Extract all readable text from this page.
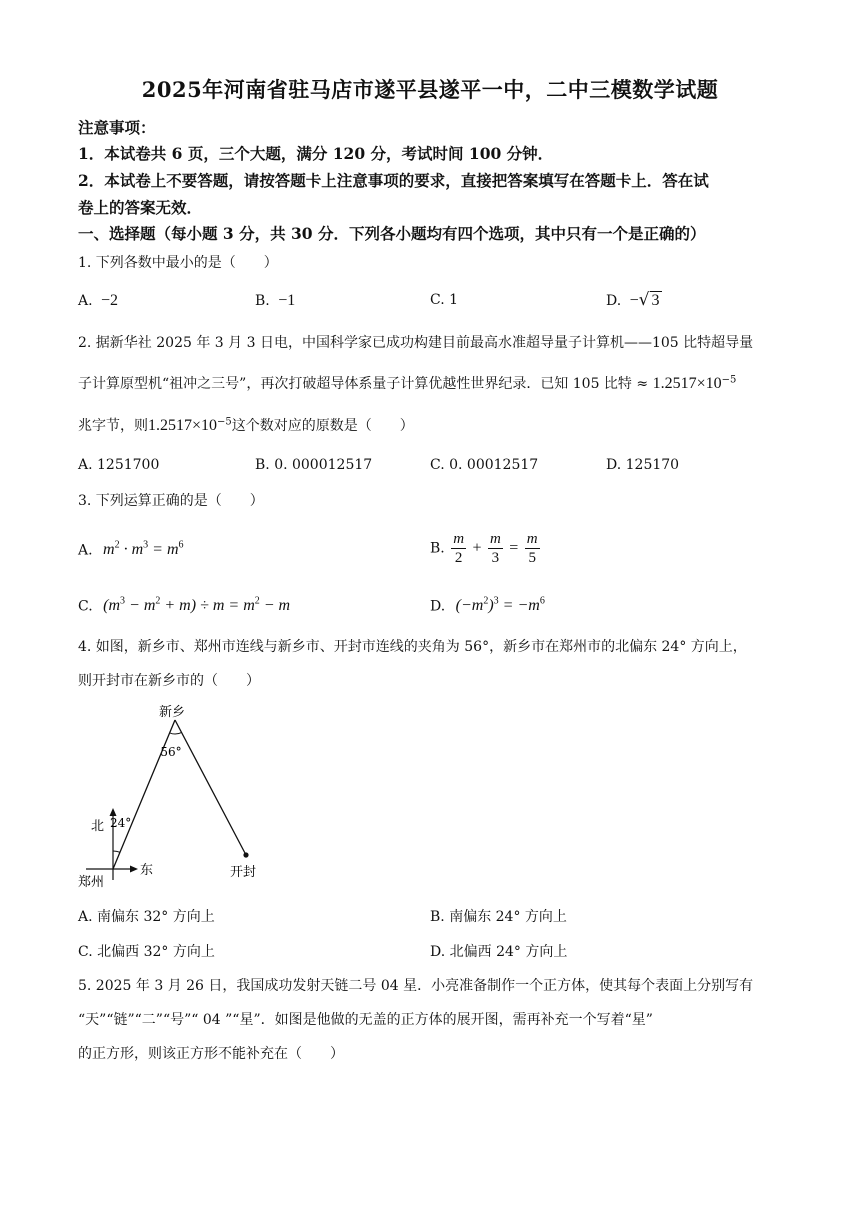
2025年河南省驻马店市遂平县遂平一中，二中三模数学试题
注意事项：
1．本试卷共 6 页，三个大题，满分 120 分，考试时间 100 分钟．
2．本试卷上不要答题，请按答题卡上注意事项的要求，直接把答案填写在答题卡上．答在试
卷上的答案无效．
一、选择题（每小题 3 分，共 30 分．下列各小题均有四个选项，其中只有一个是正确的）
1. 下列各数中最小的是（　　）
A. −2	B. −1	C. 1	D. −√ 3
2. 据新华社 2025 年 3 月 3 日电，中国科学家已成功构建目前最高水准超导量子计算机——105 比特超导量
子计算原型机“祖冲之三号”，再次打破超导体系量子计算优越性世界纪录．已知 105 比特 ≈ $1.2517\times 10^{-5}$
兆字节，则$1.2517\times 10^{-5}$这个数对应的原数是（　　）
A. 1251700	B. 0. 000012517	C. 0. 00012517	D. 125170
3. 下列运算正确的是（　　）
A. $m^2 \cdot m^3 = m^6$	B. $\frac{m}{2} + \frac{m}{3} = \frac{m}{5}$
C. $(m^3 - m^2 + m) \div m = m^2 - m$	D. $(-m^2)^3 = -m^6$
4. 如图，新乡市、郑州市连线与新乡市、开封市连线的夹角为 56°，新乡市在郑州市的北偏东 24° 方向上，
则开封市在新乡市的（　　）
新乡
56°
北 24°
东
郑州
开封
A. 南偏东 32° 方向上	B. 南偏东 24° 方向上
C. 北偏西 32° 方向上	D. 北偏西 24° 方向上
5. 2025 年 3 月 26 日，我国成功发射天链二号 04 星．小亮准备制作一个正方体，使其每个表面上分别写有
“天”“链”“二”“号”“ 04 ”“星”．如图是他做的无盖的正方体的展开图，需再补充一个写着“星”
的正方形，则该正方形不能补充在（　　）
